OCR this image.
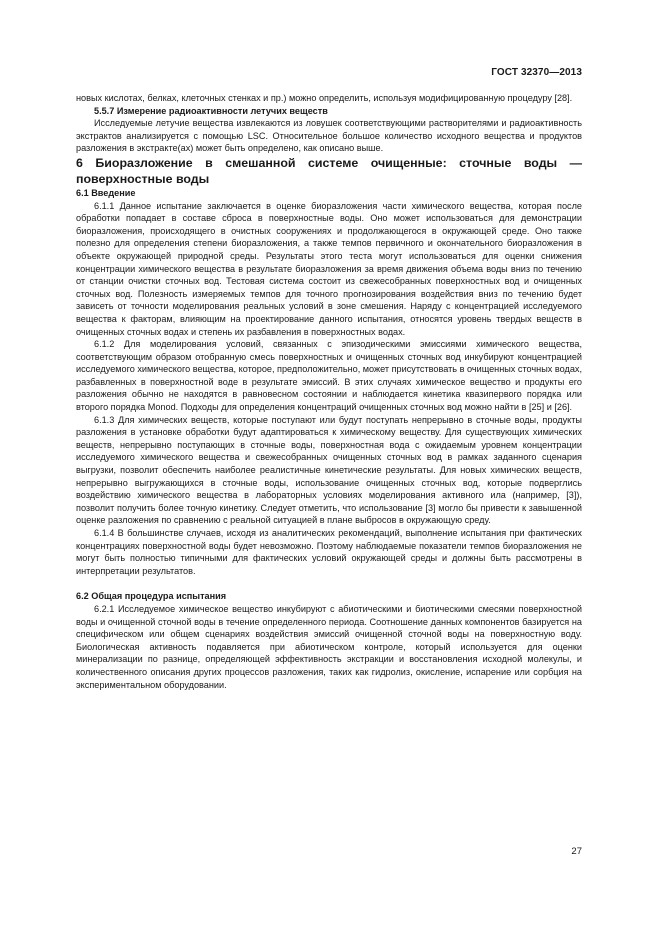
ГОСТ 32370—2013

новых кислотах, белках, клеточных стенках и пр.) можно определить, используя модифицированную процедуру [28].

5.5.7 Измерение радиоактивности летучих веществ

Исследуемые летучие вещества извлекаются из ловушек соответствующими растворителями и радиоактивность экстрактов анализируется с помощью LSC. Относительное большое количество исходного вещества и продуктов разложения в экстракте(ах) может быть определено, как описано выше.

6 Биоразложение в смешанной системе очищенные: сточные воды — поверхностные воды

6.1 Введение

6.1.1 Данное испытание заключается в оценке биоразложения части химического вещества, которая после обработки попадает в составе сброса в поверхностные воды. Оно может использоваться для демонстрации биоразложения, происходящего в очистных сооружениях и продолжающегося в окружающей среде. Оно также полезно для определения степени биоразложения, а также темпов первичного и окончательного биоразложения в объекте окружающей природной среды. Результаты этого теста могут использоваться для оценки снижения концентрации химического вещества в результате биоразложения за время движения объема воды вниз по течению от станции очистки сточных вод. Тестовая система состоит из свежесобранных поверхностных вод и очищенных сточных вод. Полезность измеряемых темпов для точного прогнозирования воздействия вниз по течению будет зависеть от точности моделирования реальных условий в зоне смешения. Наряду с концентрацией исследуемого вещества к факторам, влияющим на проектирование данного испытания, относятся уровень твердых веществ в очищенных сточных водах и степень их разбавления в поверхностных водах.

6.1.2 Для моделирования условий, связанных с эпизодическими эмиссиями химического вещества, соответствующим образом отобранную смесь поверхностных и очищенных сточных вод инкубируют концентрацией исследуемого химического вещества, которое, предположительно, может присутствовать в очищенных сточных водах, разбавленных в поверхностной воде в результате эмиссий. В этих случаях химическое вещество и продукты его разложения обычно не находятся в равновесном состоянии и наблюдается кинетика квазипервого порядка или второго порядка Monod. Подходы для определения концентраций очищенных сточных вод можно найти в [25] и [26].

6.1.3 Для химических веществ, которые поступают или будут поступать непрерывно в сточные воды, продукты разложения в установке обработки будут адаптироваться к химическому веществу. Для существующих химических веществ, непрерывно поступающих в сточные воды, поверхностная вода с ожидаемым уровнем концентрации исследуемого химического вещества и свежесобранных очищенных сточных вод в рамках заданного сценария выгрузки, позволит обеспечить наиболее реалистичные кинетические результаты. Для новых химических веществ, непрерывно выгружающихся в сточные воды, использование очищенных сточных вод, которые подверглись воздействию химического вещества в лабораторных условиях моделирования активного ила (например, [3]), позволит получить более точную кинетику. Следует отметить, что использование [3] могло бы привести к завышенной оценке разложения по сравнению с реальной ситуацией в плане выбросов в окружающую среду.

6.1.4 В большинстве случаев, исходя из аналитических рекомендаций, выполнение испытания при фактических концентрациях поверхностной воды будет невозможно. Поэтому наблюдаемые показатели темпов биоразложения не могут быть полностью типичными для фактических условий окружающей среды и должны быть рассмотрены в интерпретации результатов.

6.2 Общая процедура испытания

6.2.1 Исследуемое химическое вещество инкубируют с абиотическими и биотическими смесями поверхностной воды и очищенной сточной воды в течение определенного периода. Соотношение данных компонентов базируется на специфическом или общем сценариях воздействия эмиссий очищенной сточной воды на поверхностную воду. Биологическая активность подавляется при абиотическом контроле, который используется для оценки минерализации по разнице, определяющей эффективность экстракции и восстановления исходной молекулы, и количественного описания других процессов разложения, таких как гидролиз, окисление, испарение или сорбция на экспериментальном оборудовании.

27
